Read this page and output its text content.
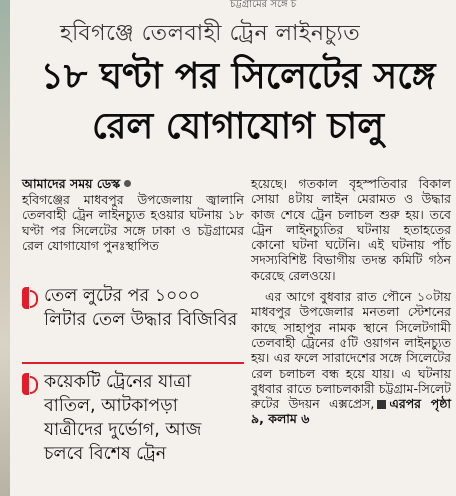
চট্টগ্রামের সঙ্গে চ
হবিগঞ্জে তেলবাহী ট্রেন লাইনচ্যুত
১৮ ঘণ্টা পর সিলেটের সঙ্গে
রেল যোগাযোগ চালু
আমাদের সময় ডেস্ক
হবিগঞ্জের মাধবপুর উপজেলায় জ্বালানি তেলবাহী ট্রেন লাইনচ্যুত হওয়ার ঘটনায় ১৮ ঘণ্টা পর সিলেটের সঙ্গে ঢাকা ও চট্টগ্রামের রেল যোগাযোগ পুনঃস্থাপিত
তেল লুটের পর ১০০০ লিটার তেল উদ্ধার বিজিবির
কয়েকটি ট্রেনের যাত্রা বাতিল, আটকাপড়া যাত্রীদের দুর্ভোগ, আজ চলবে বিশেষ ট্রেন

হয়েছে। গতকাল বৃহস্পতিবার বিকাল সোয়া ৪টায় লাইন মেরামত ও উদ্ধার কাজ শেষে ট্রেন চলাচল শুরু হয়। তবে ট্রেন লাইনচ্যুতির ঘটনায় হতাহতের কোনো ঘটনা ঘটেনি। এই ঘটনায় পাঁচ সদস্যবিশিষ্ট বিভাগীয় তদন্ত কমিটি গঠন করেছে রেলওয়ে।

এর আগে বুধবার রাত পৌনে ১০টায় মাধবপুর উপজেলার মনতলা স্টেশনের কাছে সাহাপুর নামক স্থানে সিলেটগামী তেলবাহী ট্রেনের ৫টি ওয়াগন লাইনচ্যুত হয়। এর ফলে সারাদেশের সঙ্গে সিলেটের রেল চলাচল বন্ধ হয়ে যায়। এ ঘটনায় বুধবার রাতে চলাচলকারী চট্টগ্রাম-সিলেট রুটের উদয়ন এক্সপ্রেস, এরপর পৃষ্ঠা ৯, কলাম ৬
